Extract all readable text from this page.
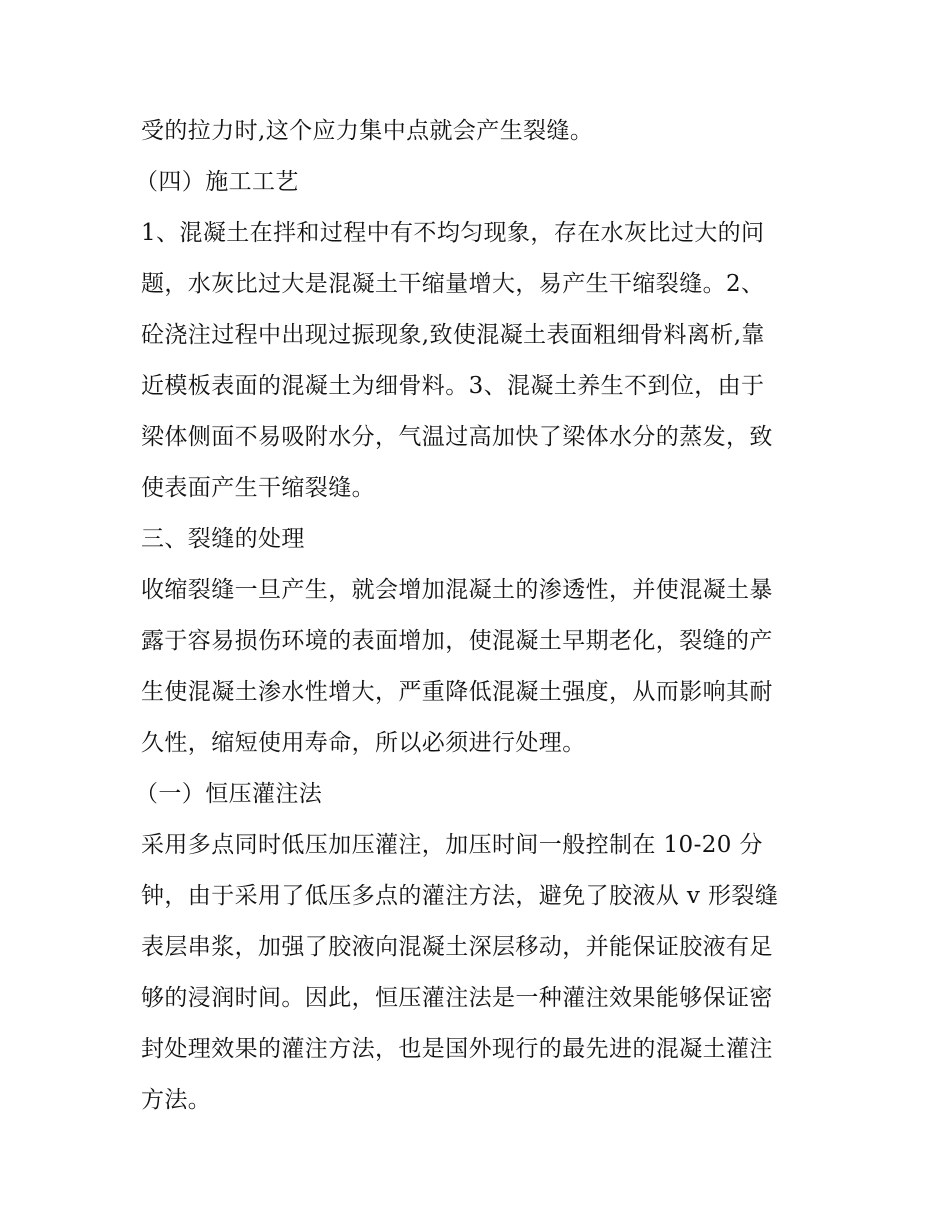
受的拉力时,这个应力集中点就会产生裂缝。
（四）施工工艺
1、混凝土在拌和过程中有不均匀现象，存在水灰比过大的问
题，水灰比过大是混凝土干缩量增大，易产生干缩裂缝。2、
砼浇注过程中出现过振现象,致使混凝土表面粗细骨料离析,靠
近模板表面的混凝土为细骨料。3、混凝土养生不到位，由于
梁体侧面不易吸附水分，气温过高加快了梁体水分的蒸发，致
使表面产生干缩裂缝。
三、裂缝的处理
收缩裂缝一旦产生，就会增加混凝土的渗透性，并使混凝土暴
露于容易损伤环境的表面增加，使混凝土早期老化，裂缝的产
生使混凝土渗水性增大，严重降低混凝土强度，从而影响其耐
久性，缩短使用寿命，所以必须进行处理。
（一）恒压灌注法
采用多点同时低压加压灌注，加压时间一般控制在 10-20 分
钟，由于采用了低压多点的灌注方法，避免了胶液从 v 形裂缝
表层串浆，加强了胶液向混凝土深层移动，并能保证胶液有足
够的浸润时间。因此，恒压灌注法是一种灌注效果能够保证密
封处理效果的灌注方法，也是国外现行的最先进的混凝土灌注
方法。
